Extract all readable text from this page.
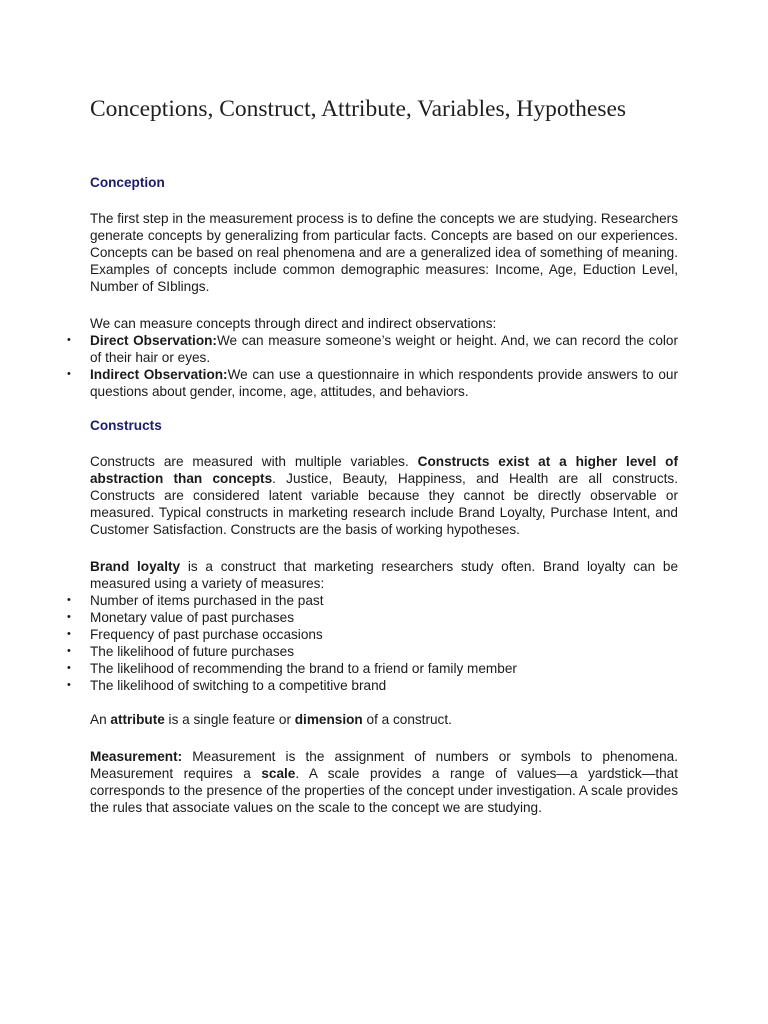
Conceptions, Construct, Attribute, Variables, Hypotheses
Conception

The first step in the measurement process is to define the concepts we are studying. Researchers generate concepts by generalizing from particular facts. Concepts are based on our experiences. Concepts can be based on real phenomena and are a generalized idea of something of meaning. Examples of concepts include common demographic measures: Income, Age, Eduction Level, Number of SIblings.

We can measure concepts through direct and indirect observations:

• Direct Observation:We can measure someone’s weight or height. And, we can record the color of their hair or eyes.
• Indirect Observation:We can use a questionnaire in which respondents provide answers to our questions about gender, income, age, attitudes, and behaviors.
Constructs

Constructs are measured with multiple variables. Constructs exist at a higher level of abstraction than concepts. Justice, Beauty, Happiness, and Health are all constructs. Constructs are considered latent variable because they cannot be directly observable or measured. Typical constructs in marketing research include Brand Loyalty, Purchase Intent, and Customer Satisfaction. Constructs are the basis of working hypotheses.

Brand loyalty is a construct that marketing researchers study often. Brand loyalty can be measured using a variety of measures:

• Number of items purchased in the past
• Monetary value of past purchases
• Frequency of past purchase occasions
• The likelihood of future purchases
• The likelihood of recommending the brand to a friend or family member
• The likelihood of switching to a competitive brand

An attribute is a single feature or dimension of a construct.

Measurement: Measurement is the assignment of numbers or symbols to phenomena. Measurement requires a scale. A scale provides a range of values—a yardstick—that corresponds to the presence of the properties of the concept under investigation. A scale provides the rules that associate values on the scale to the concept we are studying.
